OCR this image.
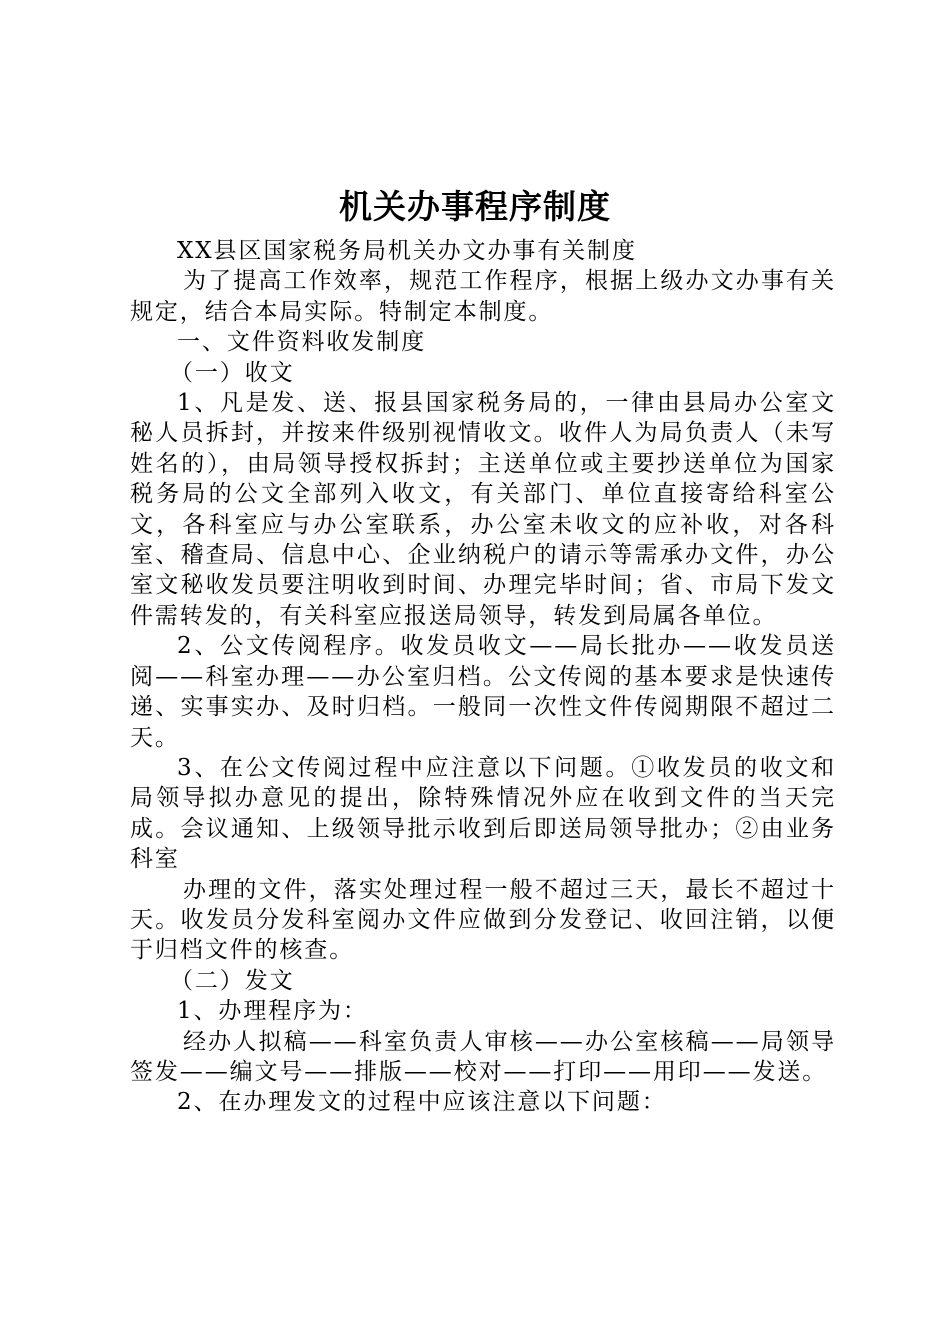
机关办事程序制度

XX县区国家税务局机关办文办事有关制度

为了提高工作效率，规范工作程序，根据上级办文办事有关规定，结合本局实际。特制定本制度。

一、文件资料收发制度

（一）收文

1、凡是发、送、报县国家税务局的，一律由县局办公室文秘人员拆封，并按来件级别视情收文。收件人为局负责人（未写姓名的），由局领导授权拆封；主送单位或主要抄送单位为国家税务局的公文全部列入收文，有关部门、单位直接寄给科室公文，各科室应与办公室联系，办公室未收文的应补收，对各科室、稽查局、信息中心、企业纳税户的请示等需承办文件，办公室文秘收发员要注明收到时间、办理完毕时间；省、市局下发文件需转发的，有关科室应报送局领导，转发到局属各单位。

2、公文传阅程序。收发员收文——局长批办——收发员送阅——科室办理——办公室归档。公文传阅的基本要求是快速传递、实事实办、及时归档。一般同一次性文件传阅期限不超过二天。

3、在公文传阅过程中应注意以下问题。①收发员的收文和局领导拟办意见的提出，除特殊情况外应在收到文件的当天完成。会议通知、上级领导批示收到后即送局领导批办；②由业务科室

办理的文件，落实处理过程一般不超过三天，最长不超过十天。收发员分发科室阅办文件应做到分发登记、收回注销，以便于归档文件的核查。

（二）发文

1、办理程序为：

经办人拟稿——科室负责人审核——办公室核稿——局领导签发——编文号——排版——校对——打印——用印——发送。

2、在办理发文的过程中应该注意以下问题：
